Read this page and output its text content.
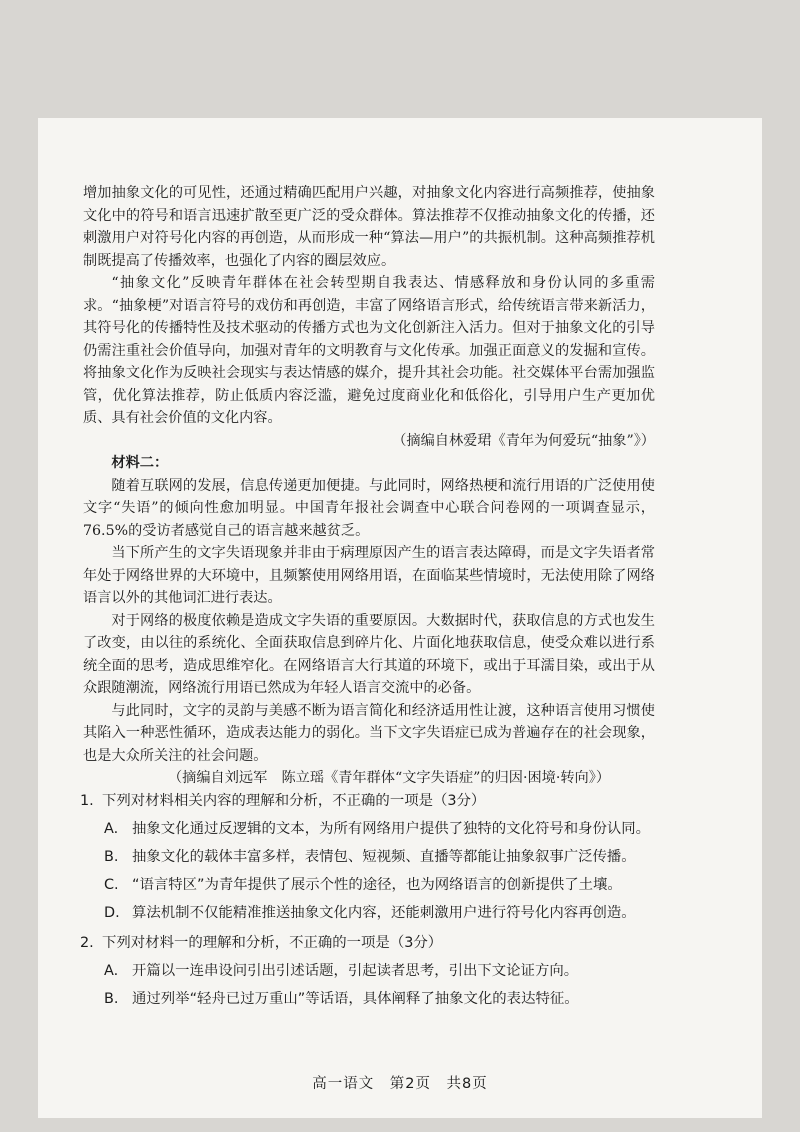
增加抽象文化的可见性，还通过精确匹配用户兴趣，对抽象文化内容进行高频推荐，使抽象文化中的符号和语言迅速扩散至更广泛的受众群体。算法推荐不仅推动抽象文化的传播，还刺激用户对符号化内容的再创造，从而形成一种“算法—用户”的共振机制。这种高频推荐机制既提高了传播效率，也强化了内容的圈层效应。

“抽象文化”反映青年群体在社会转型期自我表达、情感释放和身份认同的多重需求。“抽象梗”对语言符号的戏仿和再创造，丰富了网络语言形式，给传统语言带来新活力，其符号化的传播特性及技术驱动的传播方式也为文化创新注入活力。但对于抽象文化的引导仍需注重社会价值导向，加强对青年的文明教育与文化传承。加强正面意义的发掘和宣传。将抽象文化作为反映社会现实与表达情感的媒介，提升其社会功能。社交媒体平台需加强监管，优化算法推荐，防止低质内容泛滥，避免过度商业化和低俗化，引导用户生产更加优质、具有社会价值的文化内容。

（摘编自林爱珺《青年为何爱玩“抽象”》）

材料二：

随着互联网的发展，信息传递更加便捷。与此同时，网络热梗和流行用语的广泛使用使文字“失语”的倾向性愈加明显。中国青年报社会调查中心联合问卷网的一项调查显示，76.5%的受访者感觉自己的语言越来越贫乏。

当下所产生的文字失语现象并非由于病理原因产生的语言表达障碍，而是文字失语者常年处于网络世界的大环境中，且频繁使用网络用语，在面临某些情境时，无法使用除了网络语言以外的其他词汇进行表达。

对于网络的极度依赖是造成文字失语的重要原因。大数据时代，获取信息的方式也发生了改变，由以往的系统化、全面获取信息到碎片化、片面化地获取信息，使受众难以进行系统全面的思考，造成思维窄化。在网络语言大行其道的环境下，或出于耳濡目染，或出于从众跟随潮流，网络流行用语已然成为年轻人语言交流中的必备。

与此同时，文字的灵韵与美感不断为语言简化和经济适用性让渡，这种语言使用习惯使其陷入一种恶性循环，造成表达能力的弱化。当下文字失语症已成为普遍存在的社会现象，也是大众所关注的社会问题。

（摘编自刘远军　陈立瑶《青年群体“文字失语症”的归因·困境·转向》）

1. 下列对材料相关内容的理解和分析，不正确的一项是（3分）
A. 抽象文化通过反逻辑的文本，为所有网络用户提供了独特的文化符号和身份认同。
B. 抽象文化的载体丰富多样，表情包、短视频、直播等都能让抽象叙事广泛传播。
C. “语言特区”为青年提供了展示个性的途径，也为网络语言的创新提供了土壤。
D. 算法机制不仅能精准推送抽象文化内容，还能刺激用户进行符号化内容再创造。
2. 下列对材料一的理解和分析，不正确的一项是（3分）
A. 开篇以一连串设问引出引述话题，引起读者思考，引出下文论证方向。
B. 通过列举“轻舟已过万重山”等话语，具体阐释了抽象文化的表达特征。
高一语文　第2页　共8页
